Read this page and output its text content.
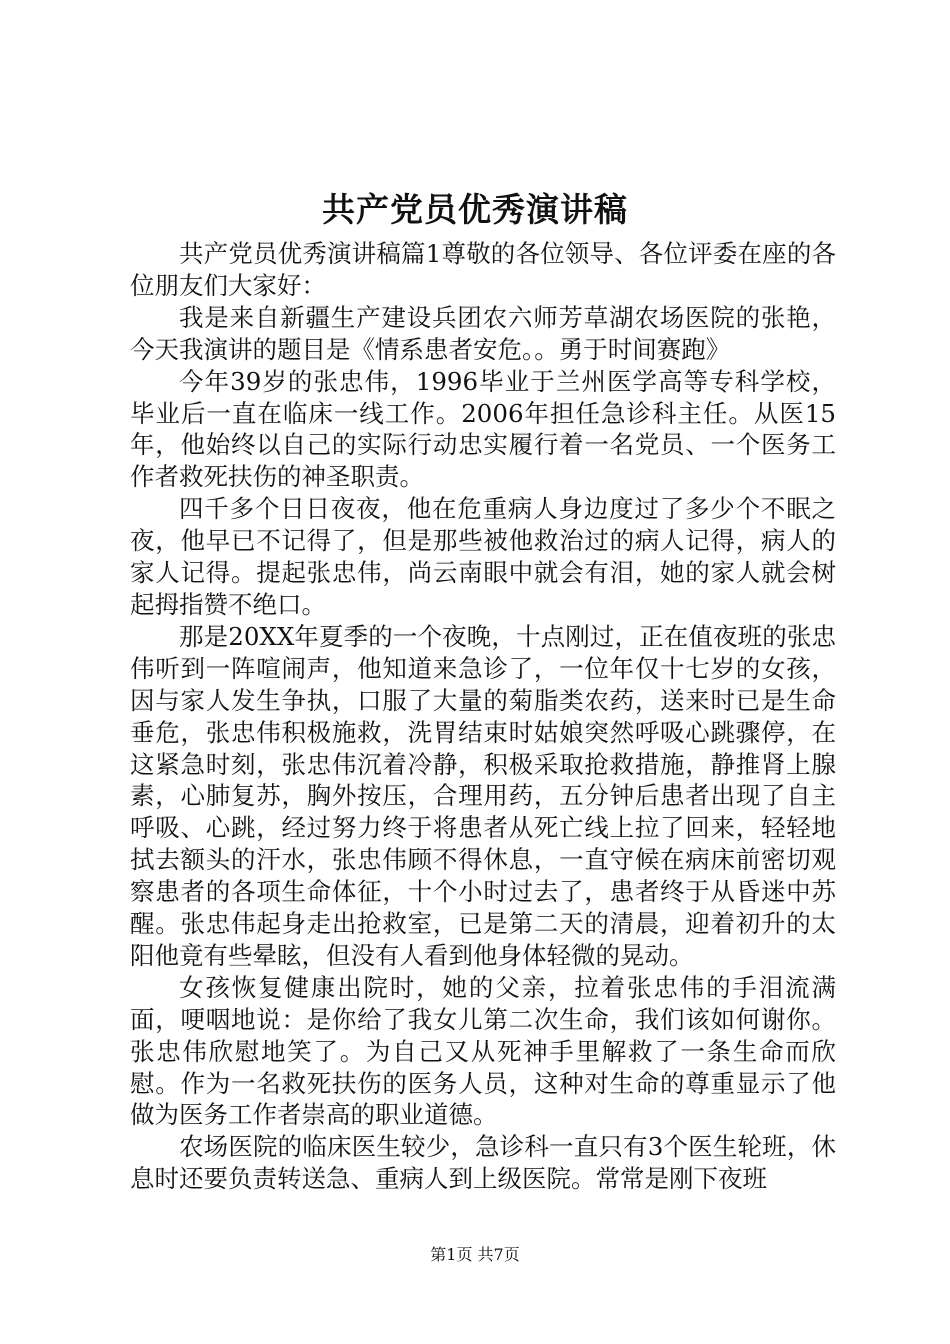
共产党员优秀演讲稿

共产党员优秀演讲稿篇1尊敬的各位领导、各位评委在座的各位朋友们大家好：

我是来自新疆生产建设兵团农六师芳草湖农场医院的张艳，今天我演讲的题目是《情系患者安危。。勇于时间赛跑》

今年39岁的张忠伟，1996毕业于兰州医学高等专科学校，毕业后一直在临床一线工作。2006年担任急诊科主任。从医15年，他始终以自己的实际行动忠实履行着一名党员、一个医务工作者救死扶伤的神圣职责。

四千多个日日夜夜，他在危重病人身边度过了多少个不眠之夜，他早已不记得了，但是那些被他救治过的病人记得，病人的家人记得。提起张忠伟，尚云南眼中就会有泪，她的家人就会树起拇指赞不绝口。

那是20XX年夏季的一个夜晚，十点刚过，正在值夜班的张忠伟听到一阵喧闹声，他知道来急诊了，一位年仅十七岁的女孩，因与家人发生争执，口服了大量的菊脂类农药，送来时已是生命垂危，张忠伟积极施救，洗胃结束时姑娘突然呼吸心跳骤停，在这紧急时刻，张忠伟沉着冷静，积极采取抢救措施，静推肾上腺素，心肺复苏，胸外按压，合理用药，五分钟后患者出现了自主呼吸、心跳，经过努力终于将患者从死亡线上拉了回来，轻轻地拭去额头的汗水，张忠伟顾不得休息，一直守候在病床前密切观察患者的各项生命体征，十个小时过去了，患者终于从昏迷中苏醒。张忠伟起身走出抢救室，已是第二天的清晨，迎着初升的太阳他竟有些晕眩，但没有人看到他身体轻微的晃动。

女孩恢复健康出院时，她的父亲，拉着张忠伟的手泪流满面，哽咽地说：是你给了我女儿第二次生命，我们该如何谢你。张忠伟欣慰地笑了。为自己又从死神手里解救了一条生命而欣慰。作为一名救死扶伤的医务人员，这种对生命的尊重显示了他做为医务工作者崇高的职业道德。

农场医院的临床医生较少，急诊科一直只有3个医生轮班，休息时还要负责转送急、重病人到上级医院。常常是刚下夜班

第1页 共7页
